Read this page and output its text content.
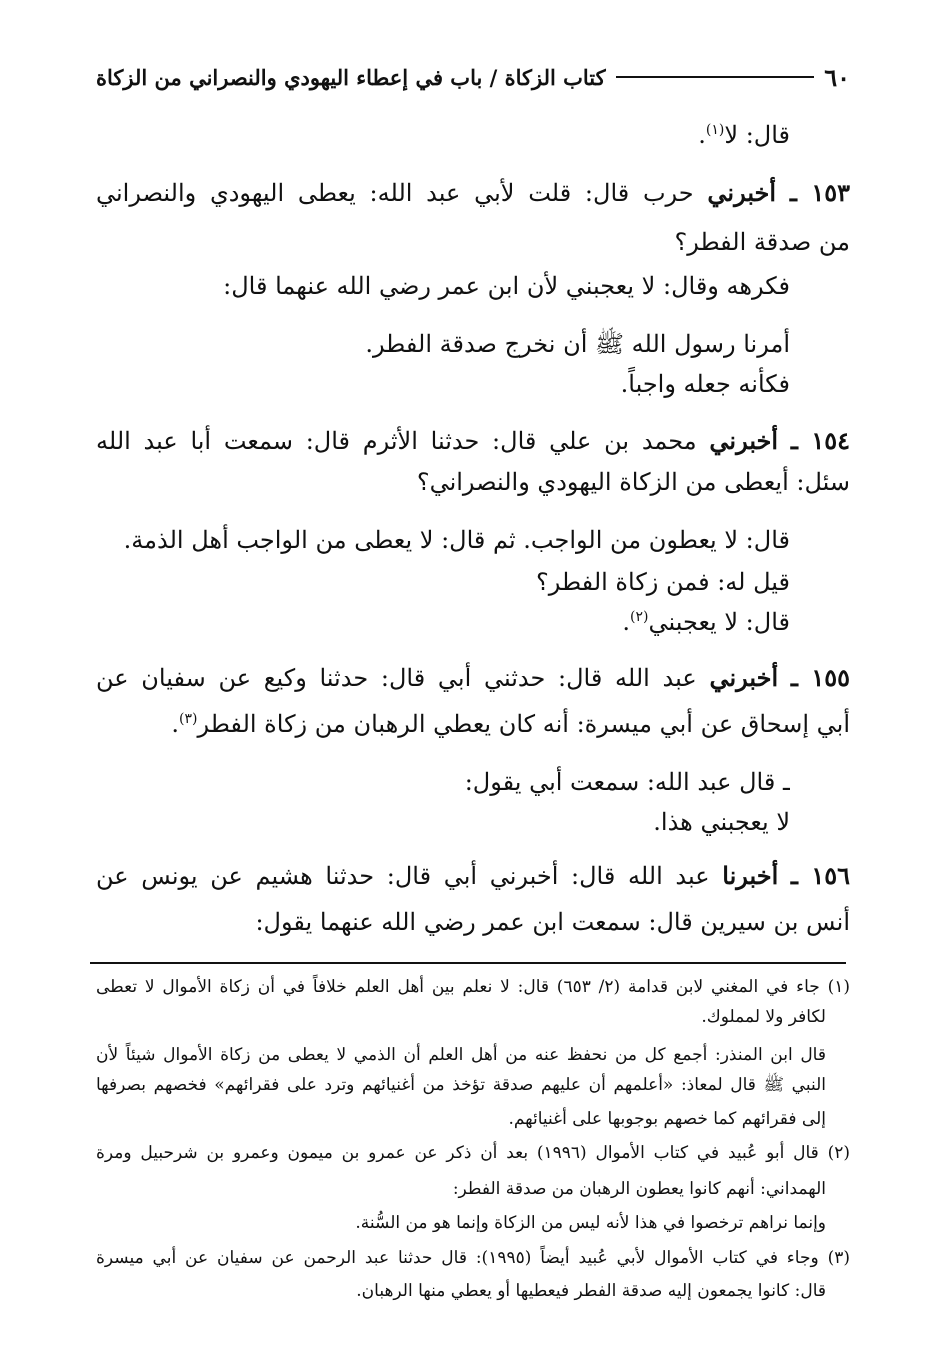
٦٠
كتاب الزكاة / باب في إعطاء اليهودي والنصراني من الزكاة
قال: لا$^{(١)}$.
١٥٣ ـ أخبرني حرب قال: قلت لأبي عبد الله: يعطى اليهودي والنصراني
من صدقة الفطر؟
فكرهه وقال: لا يعجبني لأن ابن عمر رضي الله عنهما قال:
أمرنا رسول الله ﷺ أن نخرج صدقة الفطر.
فكأنه جعله واجباً.
١٥٤ ـ أخبرني محمد بن علي قال: حدثنا الأثرم قال: سمعت أبا عبد الله
سئل: أيعطى من الزكاة اليهودي والنصراني؟
قال: لا يعطون من الواجب. ثم قال: لا يعطى من الواجب أهل الذمة.
قيل له: فمن زكاة الفطر؟
قال: لا يعجبني$^{(٢)}$.
١٥٥ ـ أخبرني عبد الله قال: حدثني أبي قال: حدثنا وكيع عن سفيان عن
أبي إسحاق عن أبي ميسرة: أنه كان يعطي الرهبان من زكاة الفطر$^{(٣)}$.
ـ قال عبد الله: سمعت أبي يقول:
لا يعجبني هذا.
١٥٦ ـ أخبرنا عبد الله قال: أخبرني أبي قال: حدثنا هشيم عن يونس عن
أنس بن سيرين قال: سمعت ابن عمر رضي الله عنهما يقول:
(١) جاء في المغني لابن قدامة (٢/ ٦٥٣) قال: لا نعلم بين أهل العلم خلافاً في أن زكاة الأموال لا تعطى
لكافر ولا لمملوك.
قال ابن المنذر: أجمع كل من نحفظ عنه من أهل العلم أن الذمي لا يعطى من زكاة الأموال شيئاً لأن
النبي ﷺ قال لمعاذ: «أعلمهم أن عليهم صدقة تؤخذ من أغنيائهم وترد على فقرائهم» فخصهم بصرفها
إلى فقرائهم كما خصهم بوجوبها على أغنيائهم.
(٢) قال أبو عُبيد في كتاب الأموال (١٩٩٦) بعد أن ذكر عن عمرو بن ميمون وعمرو بن شرحبيل ومرة
الهمداني: أنهم كانوا يعطون الرهبان من صدقة الفطر:
وإنما نراهم ترخصوا في هذا لأنه ليس من الزكاة وإنما هو من السُّنة.
(٣) وجاء في كتاب الأموال لأبي عُبيد أيضاً (١٩٩٥): قال حدثنا عبد الرحمن عن سفيان عن أبي ميسرة
قال: كانوا يجمعون إليه صدقة الفطر فيعطيها أو يعطي منها الرهبان.
